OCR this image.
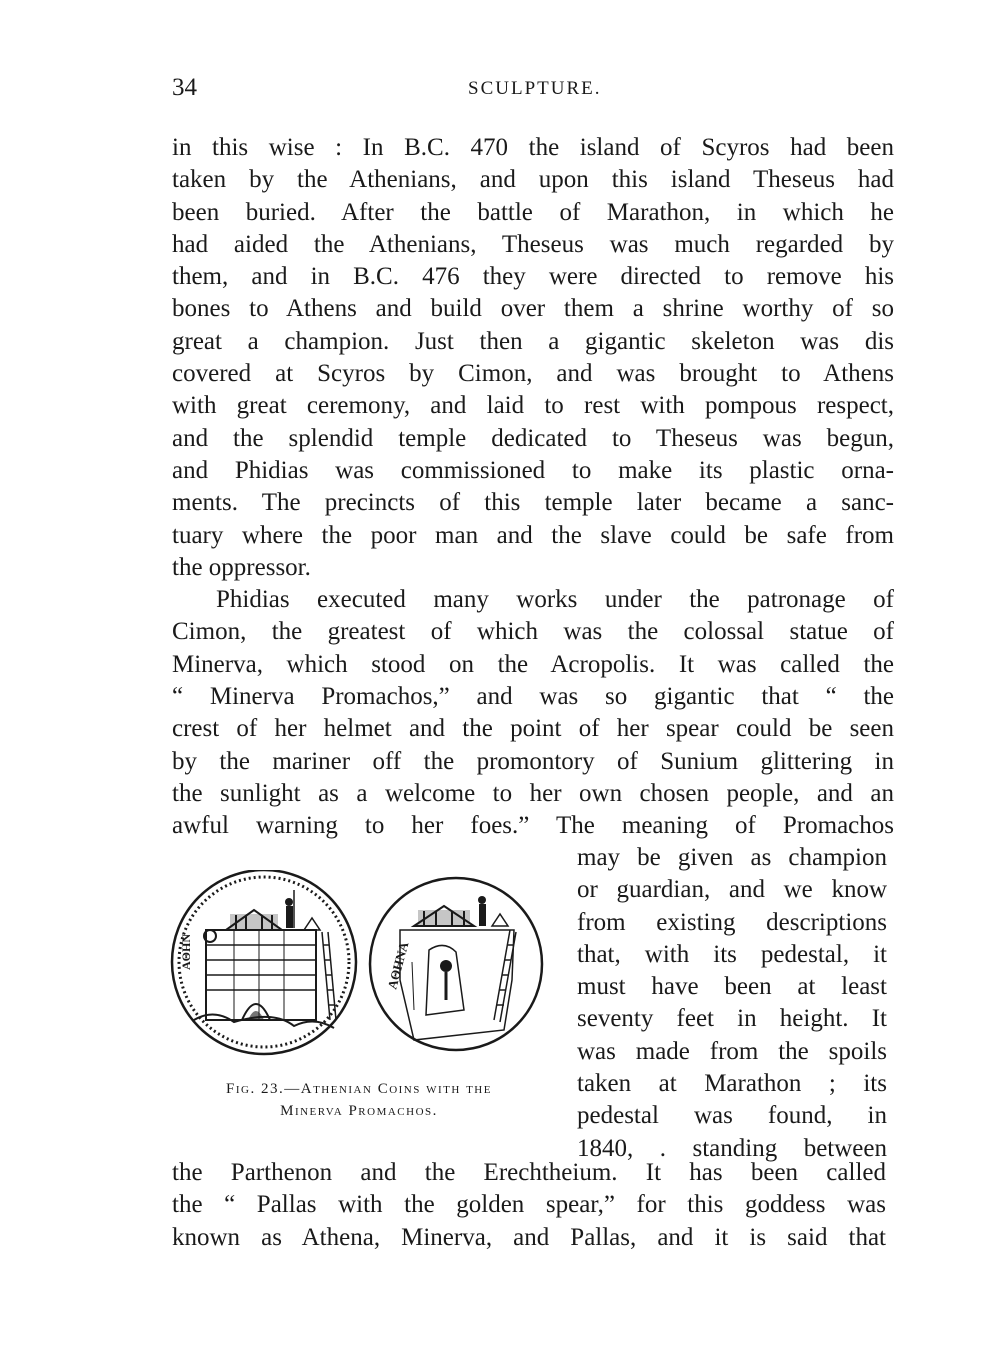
34	SCULPTURE.
in this wise : In B.C. 470 the island of Scyros had been
taken by the Athenians, and upon this island Theseus had
been buried. After the battle of Marathon, in which he
had aided the Athenians, Theseus was much regarded by
them, and in B.C. 476 they were directed to remove his
bones to Athens and build over them a shrine worthy of so
great a champion. Just then a gigantic skeleton was dis
covered at Scyros by Cimon, and was brought to Athens
with great ceremony, and laid to rest with pompous respect,
and the splendid temple dedicated to Theseus was begun,
and Phidias was commissioned to make its plastic orna-
ments. The precincts of this temple later became a sanc-
tuary where the poor man and the slave could be safe from
the oppressor.
Phidias executed many works under the patronage of
Cimon, the greatest of which was the colossal statue of
Minerva, which stood on the Acropolis. It was called the
“ Minerva Promachos,” and was so gigantic that “ the
crest of her helmet and the point of her spear could be seen
by the mariner off the promontory of Sunium glittering in
the sunlight as a welcome to her own chosen people, and an
awful warning to her foes.” The meaning of Promachos
AΘHN	AΘHNA
Fig. 23.—Athenian Coins with the
Minerva Promachos.
may be given as champion
or guardian, and we know
from existing descriptions
that, with its pedestal, it
must have been at least
seventy feet in height. It
was made from the spoils
taken at Marathon ; its
pedestal was found, in
1840, . standing between
the Parthenon and the Erechtheium. It has been called
the “ Pallas with the golden spear,” for this goddess was
known as Athena, Minerva, and Pallas, and it is said that
